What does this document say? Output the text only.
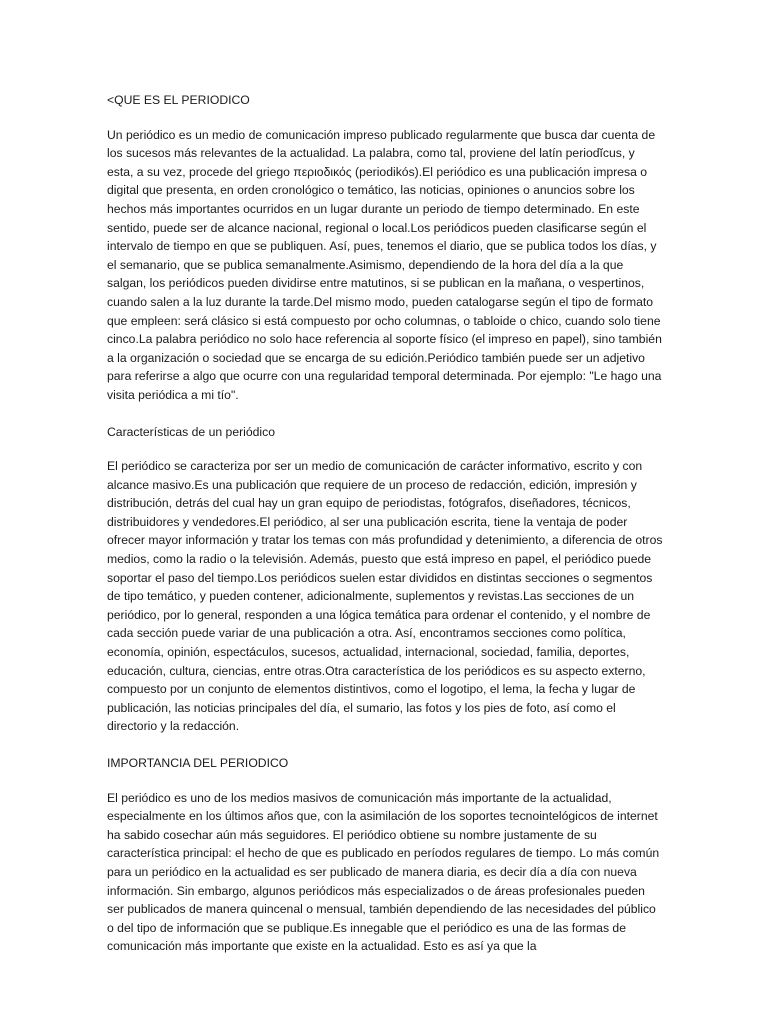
<QUE ES EL PERIODICO

Un periódico es un medio de comunicación impreso publicado regularmente que busca dar cuenta de los sucesos más relevantes de la actualidad. La palabra, como tal, proviene del latín periodĭcus, y esta, a su vez, procede del griego περιοδικός (periodikós).El periódico es una publicación impresa o digital que presenta, en orden cronológico o temático, las noticias, opiniones o anuncios sobre los hechos más importantes ocurridos en un lugar durante un periodo de tiempo determinado. En este sentido, puede ser de alcance nacional, regional o local.Los periódicos pueden clasificarse según el intervalo de tiempo en que se publiquen. Así, pues, tenemos el diario, que se publica todos los días, y el semanario, que se publica semanalmente.Asimismo, dependiendo de la hora del día a la que salgan, los periódicos pueden dividirse entre matutinos, si se publican en la mañana, o vespertinos, cuando salen a la luz durante la tarde.Del mismo modo, pueden catalogarse según el tipo de formato que empleen: será clásico si está compuesto por ocho columnas, o tabloide o chico, cuando solo tiene cinco.La palabra periódico no solo hace referencia al soporte físico (el impreso en papel), sino también a la organización o sociedad que se encarga de su edición.Periódico también puede ser un adjetivo para referirse a algo que ocurre con una regularidad temporal determinada. Por ejemplo: "Le hago una visita periódica a mi tío".

Características de un periódico

El periódico se caracteriza por ser un medio de comunicación de carácter informativo, escrito y con alcance masivo.Es una publicación que requiere de un proceso de redacción, edición, impresión y distribución, detrás del cual hay un gran equipo de periodistas, fotógrafos, diseñadores, técnicos, distribuidores y vendedores.El periódico, al ser una publicación escrita, tiene la ventaja de poder ofrecer mayor información y tratar los temas con más profundidad y detenimiento, a diferencia de otros medios, como la radio o la televisión. Además, puesto que está impreso en papel, el periódico puede soportar el paso del tiempo.Los periódicos suelen estar divididos en distintas secciones o segmentos de tipo temático, y pueden contener, adicionalmente, suplementos y revistas.Las secciones de un periódico, por lo general, responden a una lógica temática para ordenar el contenido, y el nombre de cada sección puede variar de una publicación a otra. Así, encontramos secciones como política, economía, opinión, espectáculos, sucesos, actualidad, internacional, sociedad, familia, deportes, educación, cultura, ciencias, entre otras.Otra característica de los periódicos es su aspecto externo, compuesto por un conjunto de elementos distintivos, como el logotipo, el lema, la fecha y lugar de publicación, las noticias principales del día, el sumario, las fotos y los pies de foto, así como el directorio y la redacción.

IMPORTANCIA DEL PERIODICO

El periódico es uno de los medios masivos de comunicación más importante de la actualidad, especialmente en los últimos años que, con la asimilación de los soportes tecnointelógicos de internet ha sabido cosechar aún más seguidores. El periódico obtiene su nombre justamente de su característica principal: el hecho de que es publicado en períodos regulares de tiempo. Lo más común para un periódico en la actualidad es ser publicado de manera diaria, es decir día a día con nueva información. Sin embargo, algunos periódicos más especializados o de áreas profesionales pueden ser publicados de manera quincenal o mensual, también dependiendo de las necesidades del público o del tipo de información que se publique.Es innegable que el periódico es una de las formas de comunicación más importante que existe en la actualidad. Esto es así ya que la
